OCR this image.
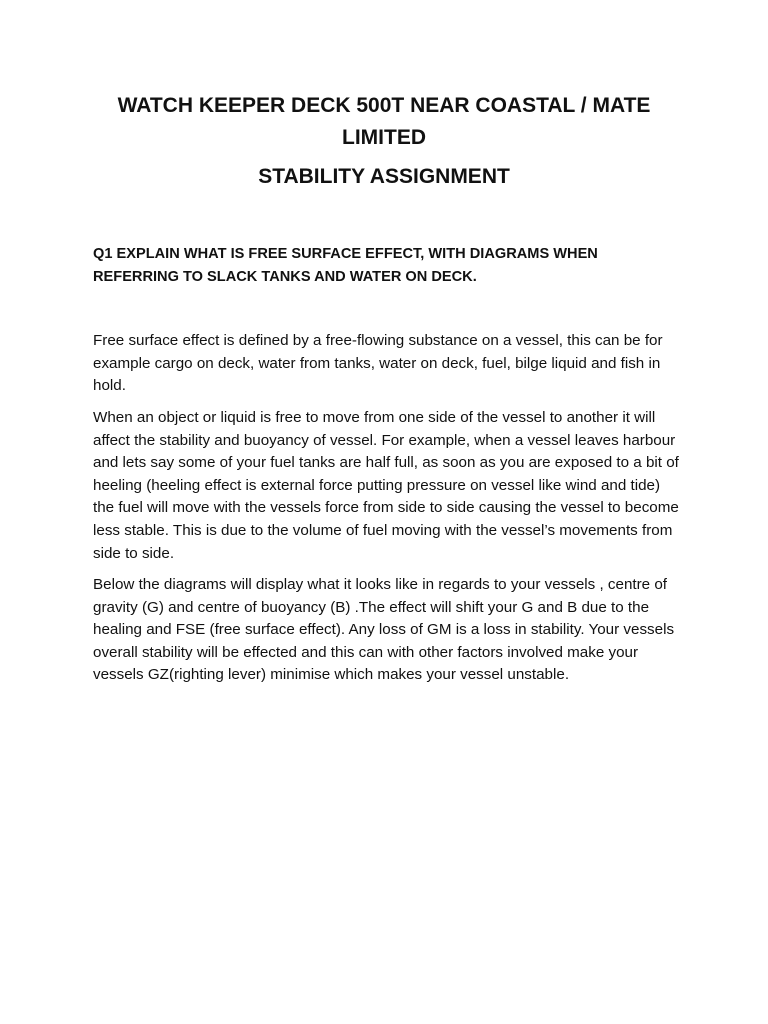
WATCH KEEPER DECK 500T NEAR COASTAL / MATE LIMITED
STABILITY ASSIGNMENT

Q1 EXPLAIN WHAT IS FREE SURFACE EFFECT, WITH DIAGRAMS WHEN REFERRING TO SLACK TANKS AND WATER ON DECK.

Free surface effect is defined by a free-flowing substance on a vessel, this can be for example cargo on deck, water from tanks, water on deck, fuel, bilge liquid and fish in hold.

When an object or liquid is free to move from one side of the vessel to another it will affect the stability and buoyancy of vessel. For example, when a vessel leaves harbour and lets say some of your fuel tanks are half full, as soon as you are exposed to a bit of heeling (heeling effect is external force putting pressure on vessel like wind and tide) the fuel will move with the vessels force from side to side causing the vessel to become less stable. This is due to the volume of fuel moving with the vessel’s movements from side to side.

Below the diagrams will display what it looks like in regards to your vessels , centre of gravity (G) and centre of buoyancy (B) .The effect will shift your G and B due to the healing and FSE (free surface effect). Any loss of GM is a loss in stability. Your vessels overall stability will be effected and this can with other factors involved make your vessels GZ(righting lever) minimise which makes your vessel unstable.
